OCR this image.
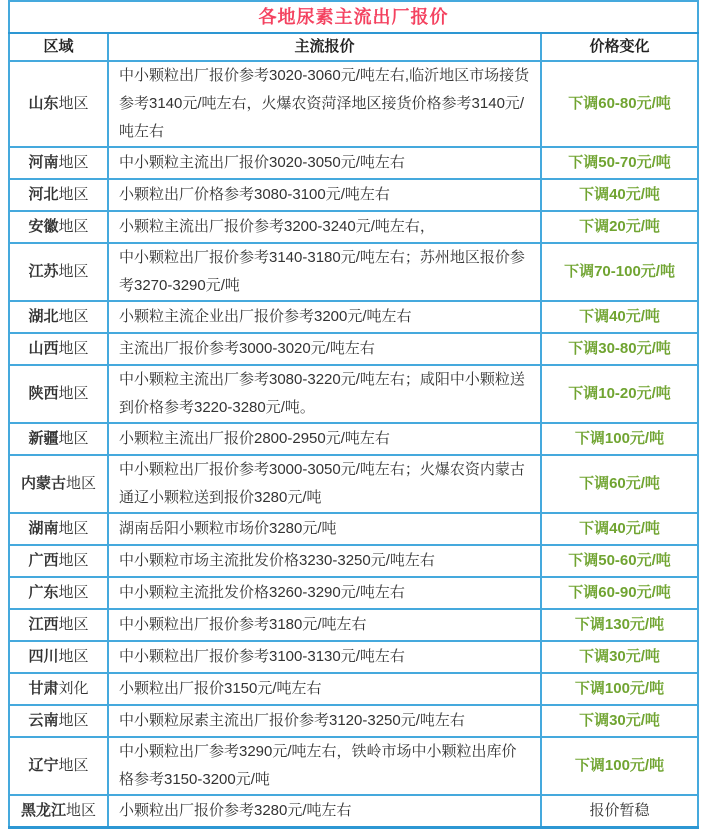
各地尿素主流出厂报价		
区域	主流报价	价格变化
山东地区	中小颗粒出厂报价参考3020-3060元/吨左右,临沂地区市场接货参考3140元/吨左右，火爆农资菏泽地区接货价格参考3140元/吨左右	下调60-80元/吨
河南地区	中小颗粒主流出厂报价3020-3050元/吨左右	下调50-70元/吨
河北地区	小颗粒出厂价格参考3080-3100元/吨左右	下调40元/吨
安徽地区	小颗粒主流出厂报价参考3200-3240元/吨左右，	下调20元/吨
江苏地区	中小颗粒出厂报价参考3140-3180元/吨左右；苏州地区报价参考3270-3290元/吨	下调70-100元/吨
湖北地区	小颗粒主流企业出厂报价参考3200元/吨左右	下调40元/吨
山西地区	主流出厂报价参考3000-3020元/吨左右	下调30-80元/吨
陕西地区	中小颗粒主流出厂参考3080-3220元/吨左右；咸阳中小颗粒送到价格参考3220-3280元/吨。	下调10-20元/吨
新疆地区	小颗粒主流出厂报价2800-2950元/吨左右	下调100元/吨
内蒙古地区	中小颗粒出厂报价参考3000-3050元/吨左右；火爆农资内蒙古通辽小颗粒送到报价3280元/吨	下调60元/吨
湖南地区	湖南岳阳小颗粒市场价3280元/吨	下调40元/吨
广西地区	中小颗粒市场主流批发价格3230-3250元/吨左右	下调50-60元/吨
广东地区	中小颗粒主流批发价格3260-3290元/吨左右	下调60-90元/吨
江西地区	中小颗粒出厂报价参考3180元/吨左右	下调130元/吨
四川地区	中小颗粒出厂报价参考3100-3130元/吨左右	下调30元/吨
甘肃刘化	小颗粒出厂报价3150元/吨左右	下调100元/吨
云南地区	中小颗粒尿素主流出厂报价参考3120-3250元/吨左右	下调30元/吨
辽宁地区	中小颗粒出厂参考3290元/吨左右，铁岭市场中小颗粒出库价格参考3150-3200元/吨	下调100元/吨
黑龙江地区	小颗粒出厂报价参考3280元/吨左右	报价暂稳
